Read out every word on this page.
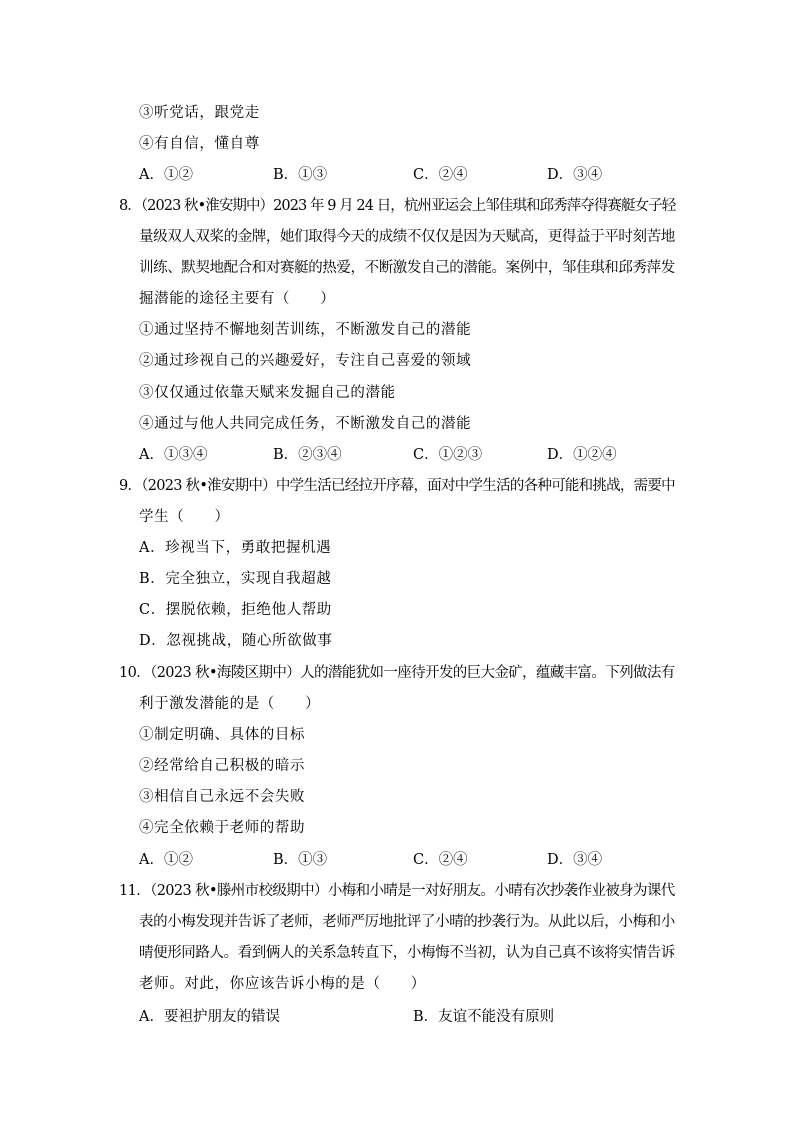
③听党话，跟党走
④有自信，懂自尊
A．①②	B．①③	C．②④	D．③④
8．（2023 秋•淮安期中）2023 年 9 月 24 日，杭州亚运会上邹佳琪和邱秀萍夺得赛艇女子轻
量级双人双桨的金牌，她们取得今天的成绩不仅仅是因为天赋高，更得益于平时刻苦地
训练、默契地配合和对赛艇的热爱，不断激发自己的潜能。案例中，邹佳琪和邱秀萍发
掘潜能的途径主要有（　　）
①通过坚持不懈地刻苦训练，不断激发自己的潜能
②通过珍视自己的兴趣爱好，专注自己喜爱的领域
③仅仅通过依靠天赋来发掘自己的潜能
④通过与他人共同完成任务，不断激发自己的潜能
A．①③④	B．②③④	C．①②③	D．①②④
9．（2023 秋•淮安期中）中学生活已经拉开序幕，面对中学生活的各种可能和挑战，需要中
学生（　　）
A．珍视当下，勇敢把握机遇
B．完全独立，实现自我超越
C．摆脱依赖，拒绝他人帮助
D．忽视挑战，随心所欲做事
10．（2023 秋•海陵区期中）人的潜能犹如一座待开发的巨大金矿，蕴藏丰富。下列做法有
利于激发潜能的是（　　）
①制定明确、具体的目标
②经常给自己积极的暗示
③相信自己永远不会失败
④完全依赖于老师的帮助
A．①②	B．①③	C．②④	D．③④
11．（2023 秋•滕州市校级期中）小梅和小晴是一对好朋友。小晴有次抄袭作业被身为课代
表的小梅发现并告诉了老师，老师严厉地批评了小晴的抄袭行为。从此以后，小梅和小
晴便形同路人。看到俩人的关系急转直下，小梅悔不当初，认为自己真不该将实情告诉
老师。对此，你应该告诉小梅的是（　　）
A．要袒护朋友的错误	B．友谊不能没有原则
